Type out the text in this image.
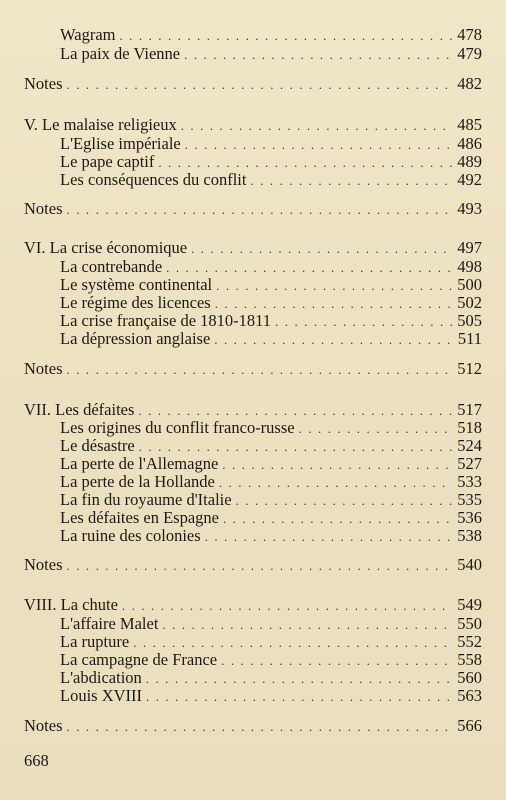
Wagram . . .	478
La paix de Vienne . . .	479
Notes . . .	482
V. Le malaise religieux . . .	485
L'Eglise impériale . . .	486
Le pape captif . . .	489
Les conséquences du conflit . . .	492
Notes . . .	493
VI. La crise économique . . .	497
La contrebande . . .	498
Le système continental . . .	500
Le régime des licences . . .	502
La crise française de 1810-1811 . . .	505
La dépression anglaise . . .	511
Notes . . .	512
VII. Les défaites . . .	517
Les origines du conflit franco-russe . . .	518
Le désastre . . .	524
La perte de l'Allemagne . . .	527
La perte de la Hollande . . .	533
La fin du royaume d'Italie . . .	535
Les défaites en Espagne . . .	536
La ruine des colonies . . .	538
Notes . . .	540
VIII. La chute . . .	549
L'affaire Malet . . .	550
La rupture . . .	552
La campagne de France . . .	558
L'abdication . . .	560
Louis XVIII . . .	563
Notes . . .	566
668
